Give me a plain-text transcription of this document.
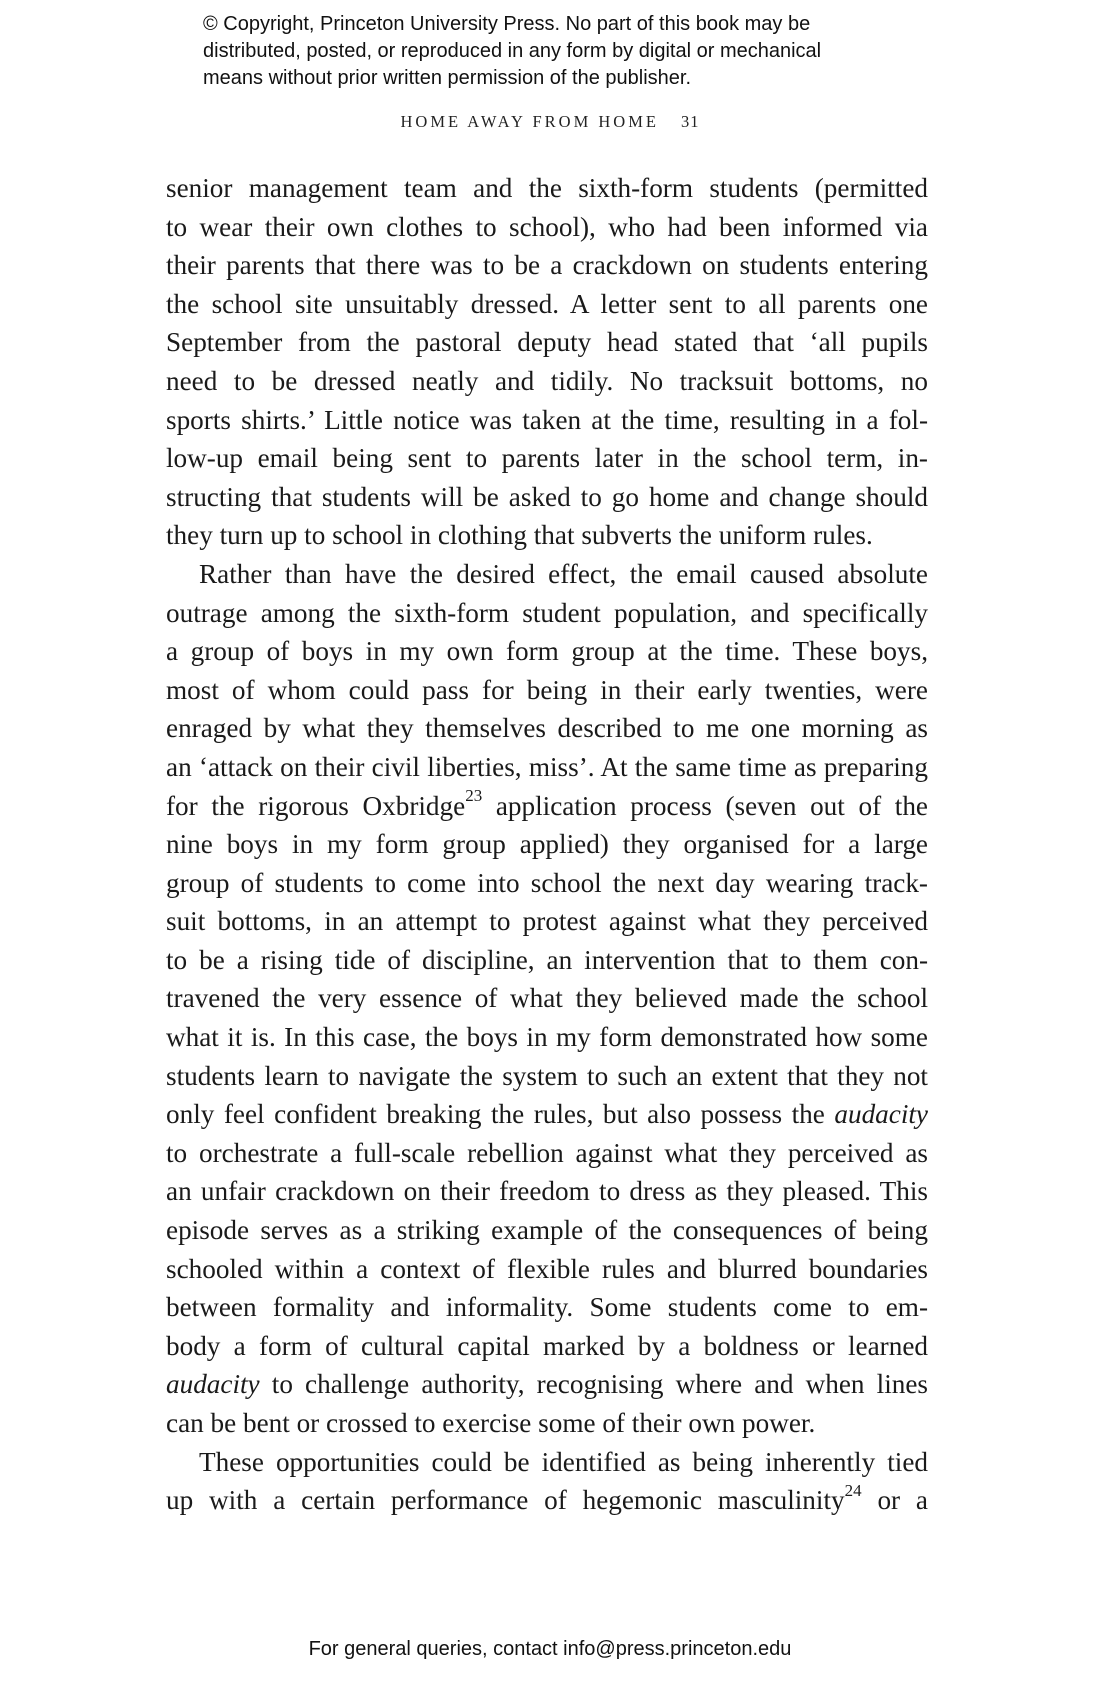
© Copyright, Princeton University Press. No part of this book may be
distributed, posted, or reproduced in any form by digital or mechanical
means without prior written permission of the publisher.
HOME AWAY FROM HOME 31
senior management team and the sixth-form students (permitted
to wear their own clothes to school), who had been informed via
their parents that there was to be a crackdown on students entering
the school site unsuitably dressed. A letter sent to all parents one
September from the pastoral deputy head stated that ‘all pupils
need to be dressed neatly and tidily. No tracksuit bottoms, no
sports shirts.’ Little notice was taken at the time, resulting in a fol-
low-up email being sent to parents later in the school term, in-
structing that students will be asked to go home and change should
they turn up to school in clothing that subverts the uniform rules.
Rather than have the desired effect, the email caused absolute
outrage among the sixth-form student population, and specifically
a group of boys in my own form group at the time. These boys,
most of whom could pass for being in their early twenties, were
enraged by what they themselves described to me one morning as
an ‘attack on their civil liberties, miss’. At the same time as preparing
for the rigorous Oxbridge$^{23}$ application process (seven out of the
nine boys in my form group applied) they organised for a large
group of students to come into school the next day wearing track-
suit bottoms, in an attempt to protest against what they perceived
to be a rising tide of discipline, an intervention that to them con-
travened the very essence of what they believed made the school
what it is. In this case, the boys in my form demonstrated how some
students learn to navigate the system to such an extent that they not
only feel confident breaking the rules, but also possess the audacity
to orchestrate a full-scale rebellion against what they perceived as
an unfair crackdown on their freedom to dress as they pleased. This
episode serves as a striking example of the consequences of being
schooled within a context of flexible rules and blurred boundaries
between formality and informality. Some students come to em-
body a form of cultural capital marked by a boldness or learned
audacity to challenge authority, recognising where and when lines
can be bent or crossed to exercise some of their own power.
These opportunities could be identified as being inherently tied
up with a certain performance of hegemonic masculinity$^{24}$ or a
For general queries, contact info@press.princeton.edu
